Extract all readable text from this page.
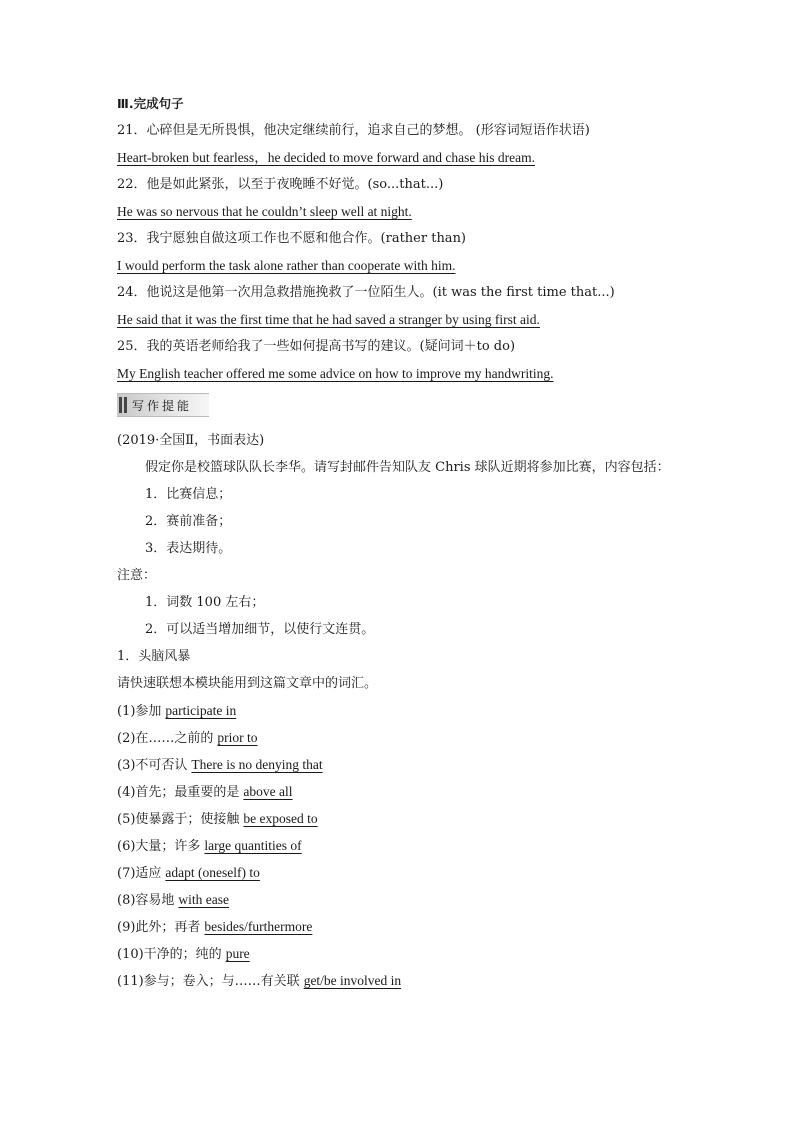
Ⅲ.完成句子
21．心碎但是无所畏惧，他决定继续前行，追求自己的梦想。 (形容词短语作状语)
Heart-broken but fearless，he decided to move forward and chase his dream.
22．他是如此紧张，以至于夜晚睡不好觉。(so...that...)
He was so nervous that he couldn’t sleep well at night.
23．我宁愿独自做这项工作也不愿和他合作。(rather than)
I would perform the task alone rather than cooperate with him.
24．他说这是他第一次用急救措施挽救了一位陌生人。(it was the first time that...)
He said that it was the first time that he had saved a stranger by using first aid.
25．我的英语老师给我了一些如何提高书写的建议。(疑问词＋to do)
My English teacher offered me some advice on how to improve my handwriting.
写作提能
(2019·全国Ⅱ，书面表达)
假定你是校篮球队队长李华。请写封邮件告知队友 Chris 球队近期将参加比赛，内容包括：
1．比赛信息；
2．赛前准备；
3．表达期待。
注意：
1．词数 100 左右；
2．可以适当增加细节，以使行文连贯。
1．头脑风暴
请快速联想本模块能用到这篇文章中的词汇。
(1)参加 participate in
(2)在……之前的 prior to
(3)不可否认 There is no denying that
(4)首先；最重要的是 above all
(5)使暴露于；使接触 be exposed to
(6)大量；许多 large quantities of
(7)适应 adapt (oneself) to
(8)容易地 with ease
(9)此外；再者 besides/furthermore
(10)干净的；纯的 pure
(11)参与；卷入；与……有关联 get/be involved in
